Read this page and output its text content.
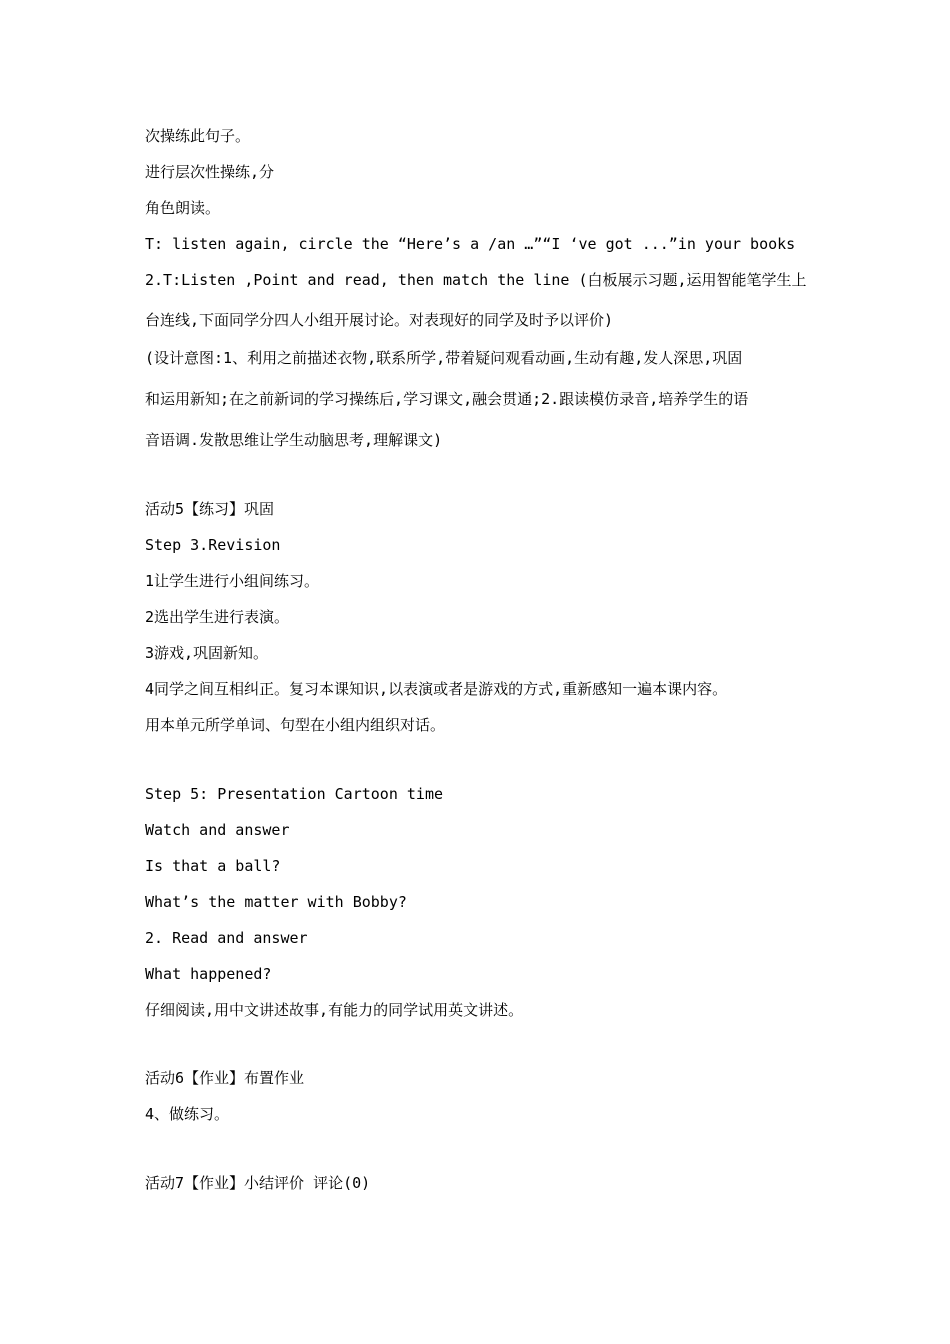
次操练此句子。
进行层次性操练,分
角色朗读。
T: listen again, circle the “Here’s a /an …”“I ‘ve got ...”in your books
2.T:Listen ,Point and read, then match the line (白板展示习题,运用智能笔学生上
台连线,下面同学分四人小组开展讨论。对表现好的同学及时予以评价)
(设计意图:1、利用之前描述衣物,联系所学,带着疑问观看动画,生动有趣,发人深思,巩固
和运用新知;在之前新词的学习操练后,学习课文,融会贯通;2.跟读模仿录音,培养学生的语
音语调.发散思维让学生动脑思考,理解课文)
活动5【练习】巩固
Step 3.Revision
1让学生进行小组间练习。
2选出学生进行表演。
3游戏,巩固新知。
4同学之间互相纠正。复习本课知识,以表演或者是游戏的方式,重新感知一遍本课内容。
用本单元所学单词、句型在小组内组织对话。
Step 5: Presentation Cartoon time
Watch and answer
Is that a ball?
What’s the matter with Bobby?
2. Read and answer
What happened?
仔细阅读,用中文讲述故事,有能力的同学试用英文讲述。
活动6【作业】布置作业
4、做练习。
活动7【作业】小结评价 评论(0)
